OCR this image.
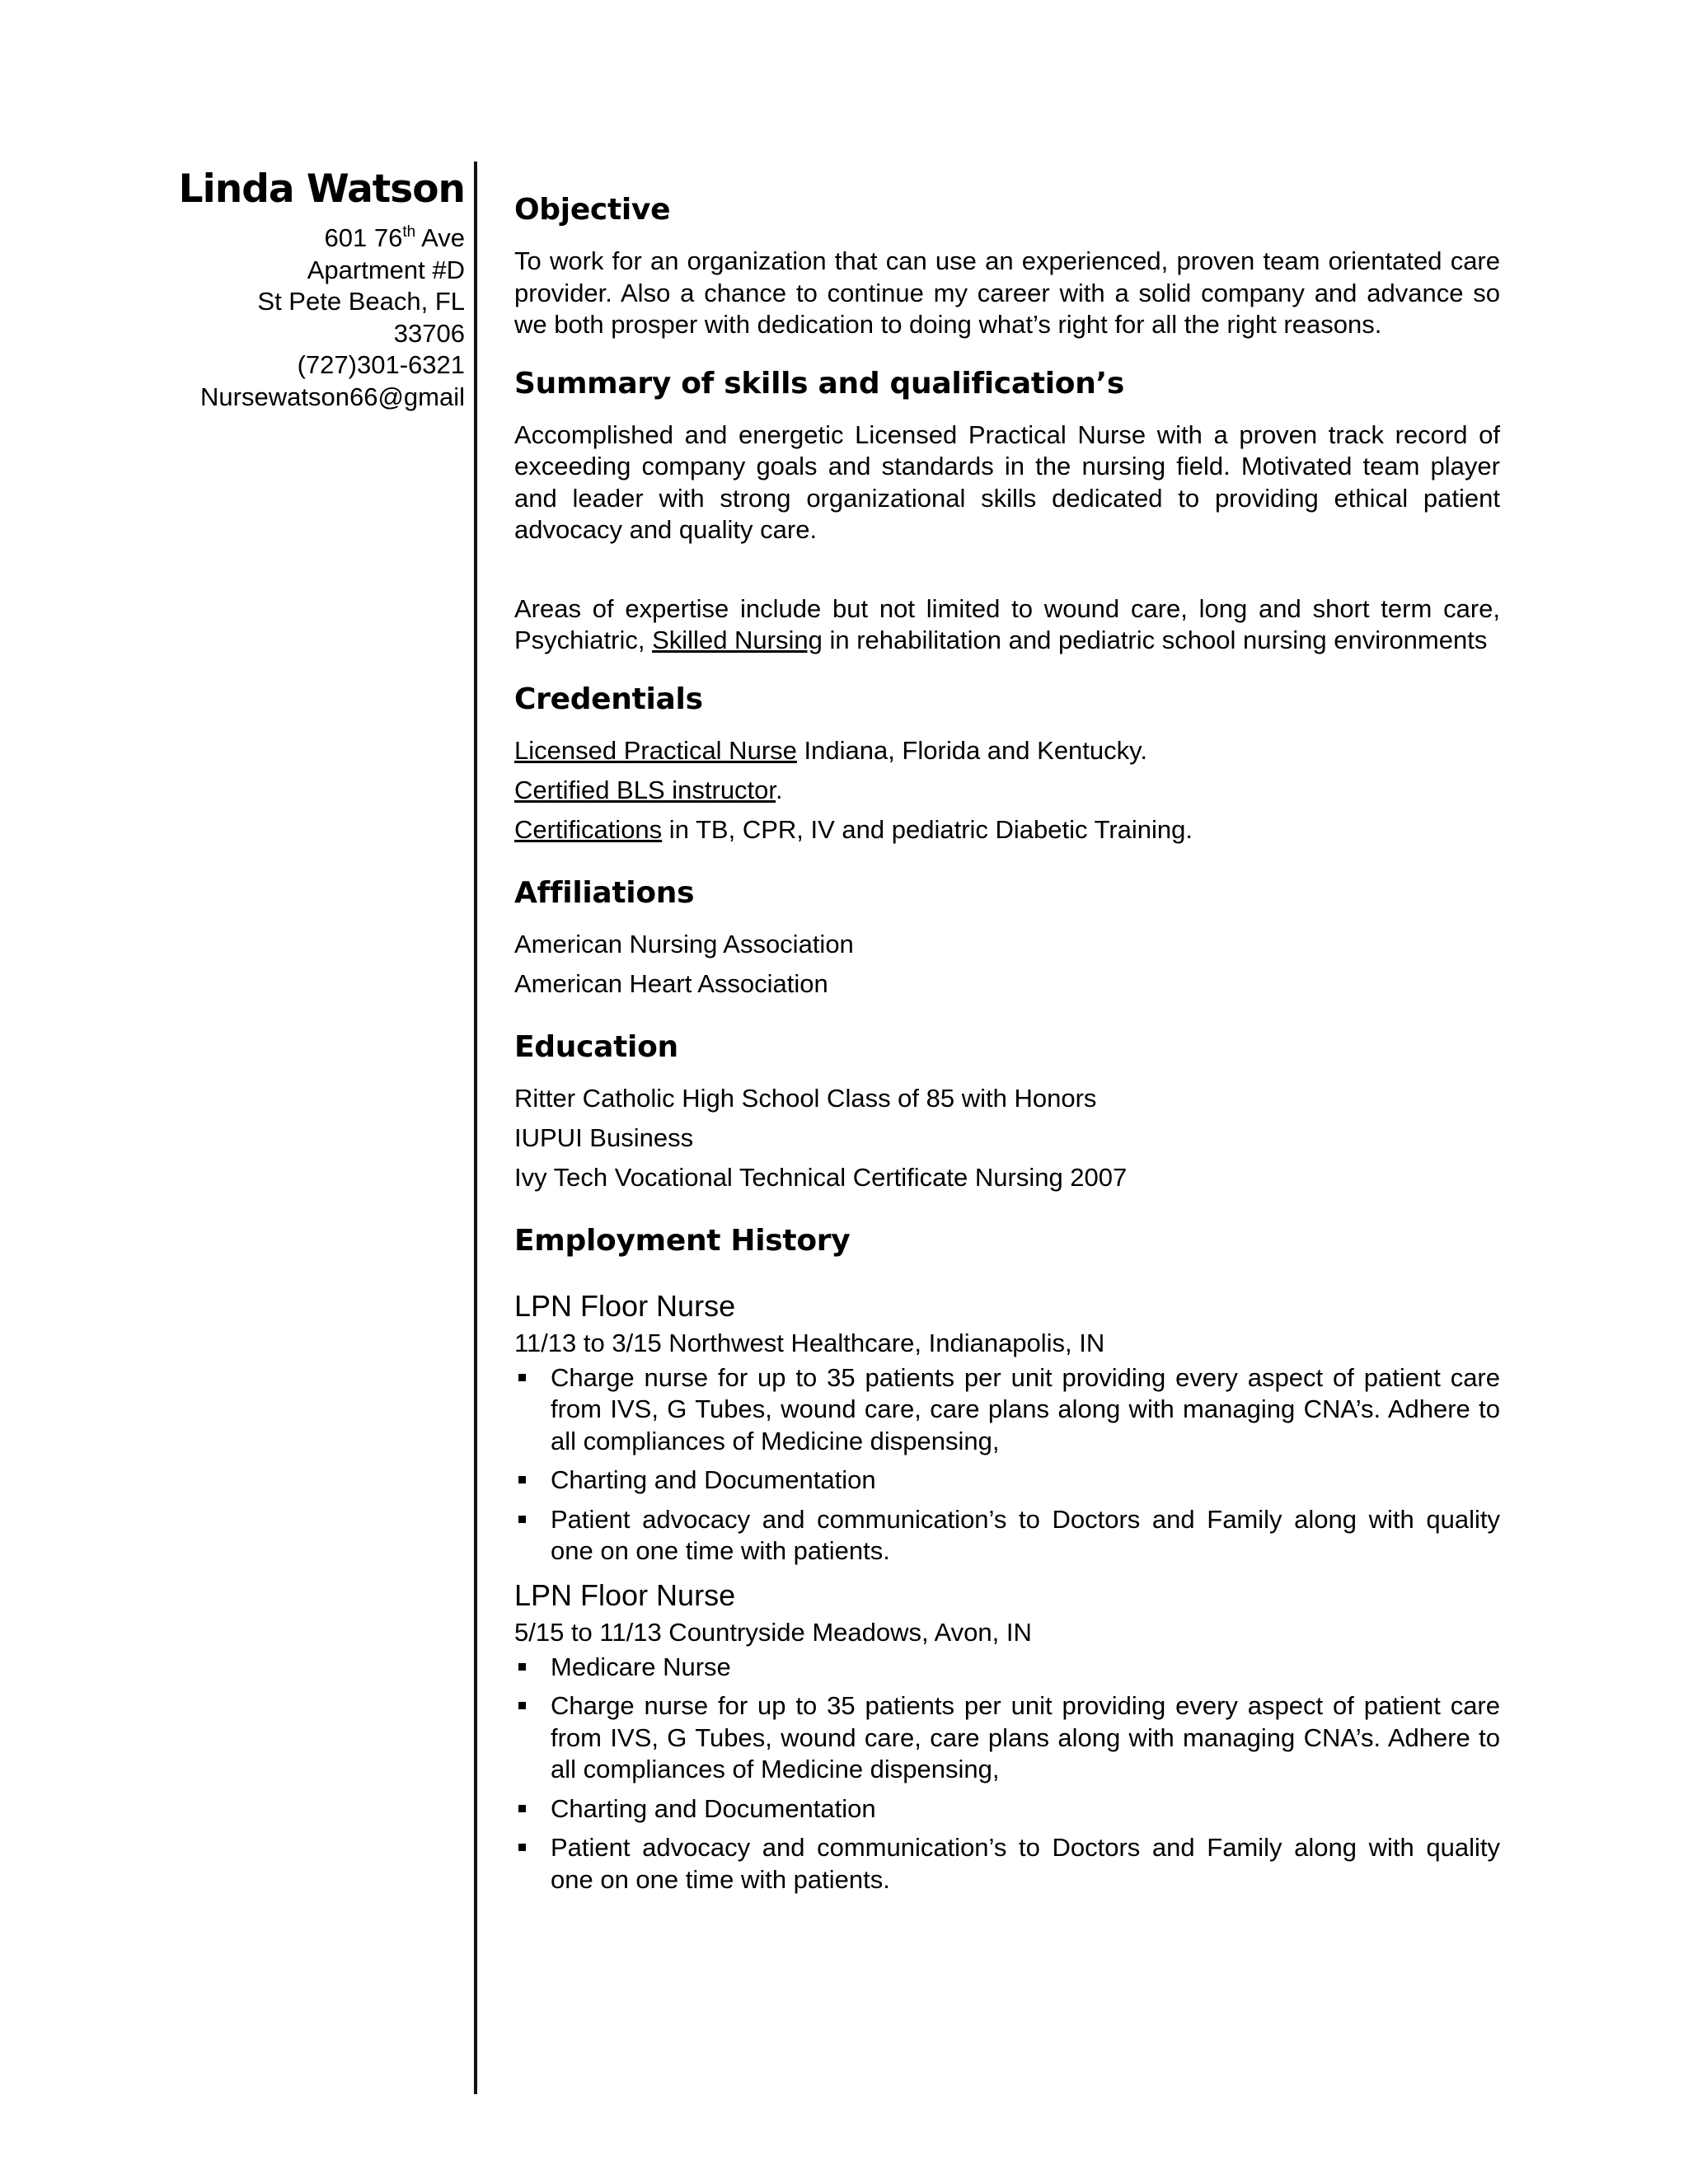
Linda Watson
601 76th Ave
Apartment #D
St Pete Beach, FL
33706
(727)301-6321
Nursewatson66@gmail
Objective

To work for an organization that can use an experienced, proven team orientated care provider. Also a chance to continue my career with a solid company and advance so we both prosper with dedication to doing what’s right for all the right reasons.

Summary of skills and qualification’s

Accomplished and energetic Licensed Practical Nurse with a proven track record of exceeding company goals and standards in the nursing field. Motivated team player and leader with strong organizational skills dedicated to providing ethical patient advocacy and quality care.

Areas of expertise include but not limited to wound care, long and short term care, Psychiatric, Skilled Nursing in rehabilitation and pediatric school nursing environments

Credentials

Licensed Practical Nurse Indiana, Florida and Kentucky.

Certified BLS instructor.

Certifications in TB, CPR, IV and pediatric Diabetic Training.

Affiliations

American Nursing Association

American Heart Association

Education

Ritter Catholic High School Class of 85 with Honors

IUPUI Business

Ivy Tech Vocational Technical Certificate Nursing 2007

Employment History

LPN Floor Nurse

11/13 to 3/15 Northwest Healthcare, Indianapolis, IN

Charge nurse for up to 35 patients per unit providing every aspect of patient care from IVS, G Tubes, wound care, care plans along with managing CNA’s. Adhere to all compliances of Medicine dispensing,
Charting and Documentation
Patient advocacy and communication’s to Doctors and Family along with quality one on one time with patients.

LPN Floor Nurse

5/15 to 11/13 Countryside Meadows, Avon, IN

Medicare Nurse
Charge nurse for up to 35 patients per unit providing every aspect of patient care from IVS, G Tubes, wound care, care plans along with managing CNA’s. Adhere to all compliances of Medicine dispensing,
Charting and Documentation
Patient advocacy and communication’s to Doctors and Family along with quality one on one time with patients.
